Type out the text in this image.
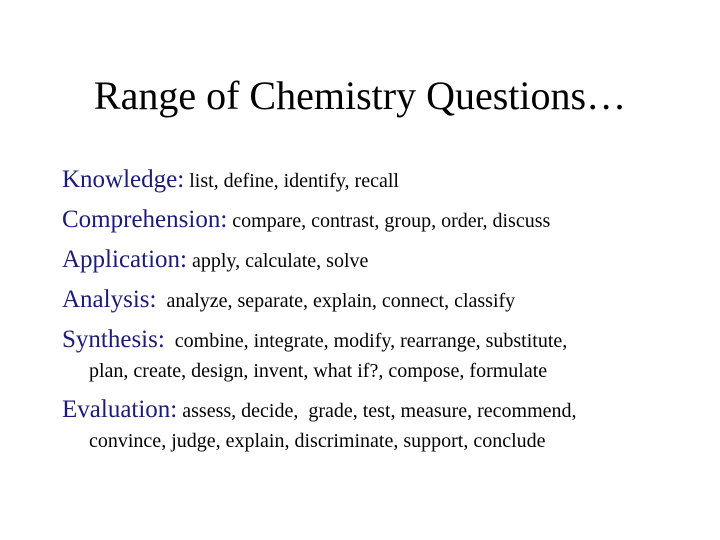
Range of Chemistry Questions…
Knowledge: list, define, identify, recall
Comprehension: compare, contrast, group, order, discuss
Application: apply, calculate, solve
Analysis:  analyze, separate, explain, connect, classify
Synthesis:  combine, integrate, modify, rearrange, substitute,
plan, create, design, invent, what if?, compose, formulate
Evaluation: assess, decide,  grade, test, measure, recommend,
convince, judge, explain, discriminate, support, conclude
